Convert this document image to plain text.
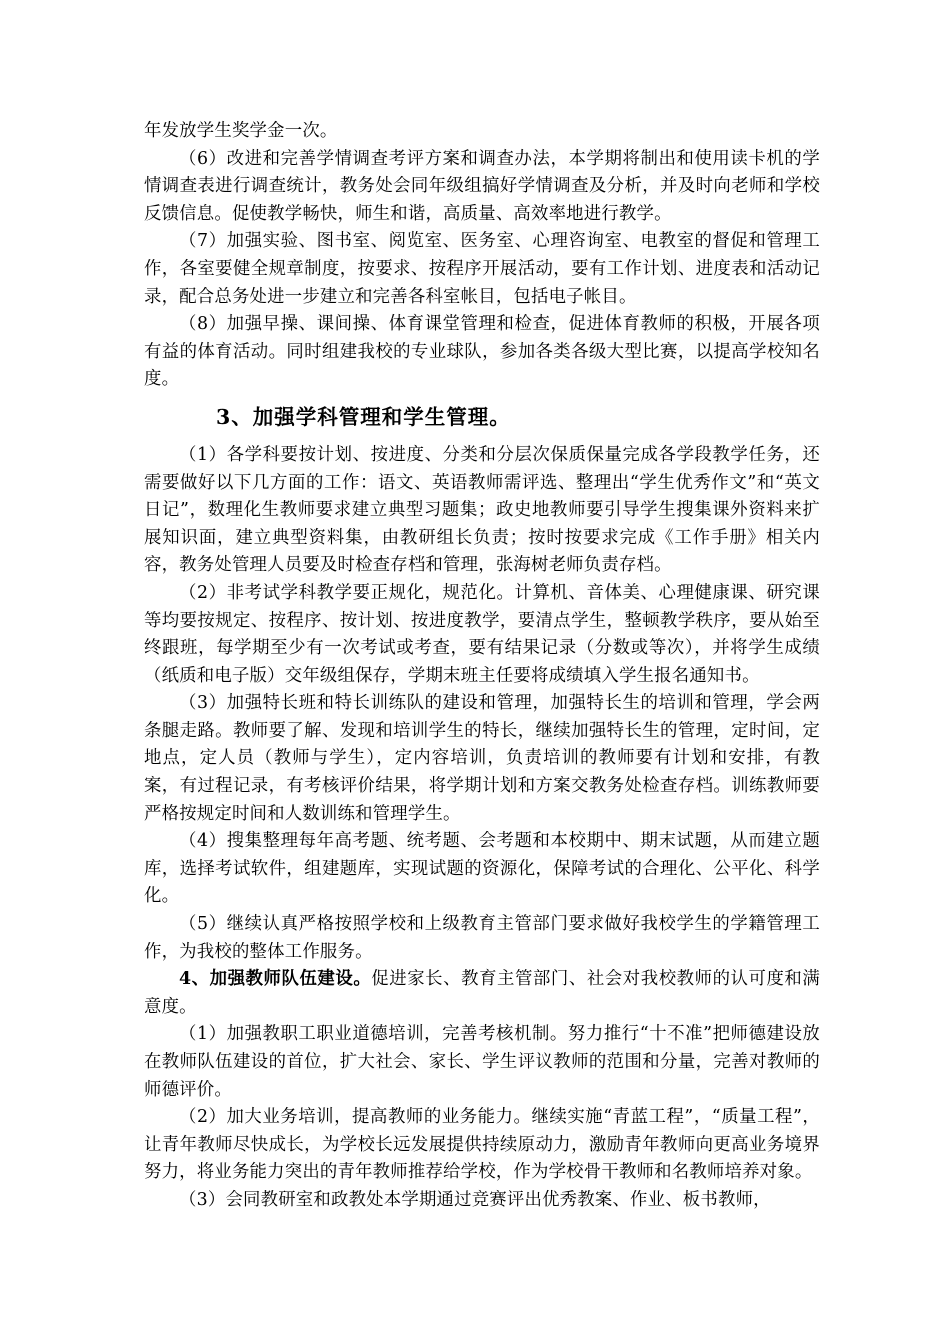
年发放学生奖学金一次。

（6）改进和完善学情调查考评方案和调查办法，本学期将制出和使用读卡机的学情调查表进行调查统计，教务处会同年级组搞好学情调查及分析，并及时向老师和学校反馈信息。促使教学畅快，师生和谐，高质量、高效率地进行教学。

（7）加强实验、图书室、阅览室、医务室、心理咨询室、电教室的督促和管理工作，各室要健全规章制度，按要求、按程序开展活动，要有工作计划、进度表和活动记录，配合总务处进一步建立和完善各科室帐目，包括电子帐目。

（8）加强早操、课间操、体育课堂管理和检查，促进体育教师的积极，开展各项有益的体育活动。同时组建我校的专业球队，参加各类各级大型比赛，以提高学校知名度。

3、加强学科管理和学生管理。

（1）各学科要按计划、按进度、分类和分层次保质保量完成各学段教学任务，还需要做好以下几方面的工作：语文、英语教师需评选、整理出“学生优秀作文”和“英文日记”，数理化生教师要求建立典型习题集；政史地教师要引导学生搜集课外资料来扩展知识面，建立典型资料集，由教研组长负责；按时按要求完成《工作手册》相关内容，教务处管理人员要及时检查存档和管理，张海树老师负责存档。

（2）非考试学科教学要正规化，规范化。计算机、音体美、心理健康课、研究课等均要按规定、按程序、按计划、按进度教学，要清点学生，整顿教学秩序，要从始至终跟班，每学期至少有一次考试或考查，要有结果记录（分数或等次），并将学生成绩（纸质和电子版）交年级组保存，学期末班主任要将成绩填入学生报名通知书。

（3）加强特长班和特长训练队的建设和管理，加强特长生的培训和管理，学会两条腿走路。教师要了解、发现和培训学生的特长，继续加强特长生的管理，定时间，定地点，定人员（教师与学生），定内容培训，负责培训的教师要有计划和安排，有教案，有过程记录，有考核评价结果，将学期计划和方案交教务处检查存档。训练教师要严格按规定时间和人数训练和管理学生。

（4）搜集整理每年高考题、统考题、会考题和本校期中、期末试题，从而建立题库，选择考试软件，组建题库，实现试题的资源化，保障考试的合理化、公平化、科学化。

（5）继续认真严格按照学校和上级教育主管部门要求做好我校学生的学籍管理工作，为我校的整体工作服务。

4、加强教师队伍建设。促进家长、教育主管部门、社会对我校教师的认可度和满意度。

（1）加强教职工职业道德培训，完善考核机制。努力推行“十不准”把师德建设放在教师队伍建设的首位，扩大社会、家长、学生评议教师的范围和分量，完善对教师的师德评价。

（2）加大业务培训，提高教师的业务能力。继续实施“青蓝工程”，“质量工程”，让青年教师尽快成长，为学校长远发展提供持续原动力，激励青年教师向更高业务境界努力，将业务能力突出的青年教师推荐给学校，作为学校骨干教师和名教师培养对象。

（3）会同教研室和政教处本学期通过竞赛评出优秀教案、作业、板书教师，
